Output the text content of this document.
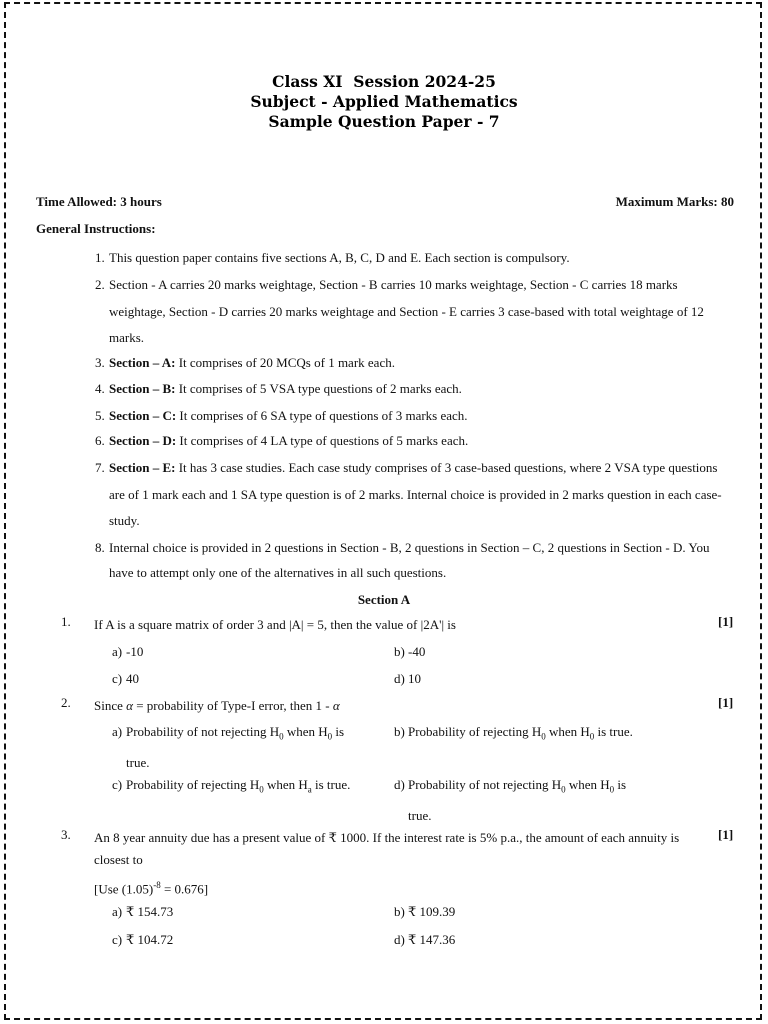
Class XI  Session 2024-25
Subject - Applied Mathematics
Sample Question Paper - 7
Time Allowed: 3 hours	Maximum Marks: 80
General Instructions:
1. This question paper contains five sections A, B, C, D and E. Each section is compulsory.
2. Section - A carries 20 marks weightage, Section - B carries 10 marks weightage, Section - C carries 18 marks weightage, Section - D carries 20 marks weightage and Section - E carries 3 case-based with total weightage of 12 marks.
3. Section – A: It comprises of 20 MCQs of 1 mark each.
4. Section – B: It comprises of 5 VSA type questions of 2 marks each.
5. Section – C: It comprises of 6 SA type of questions of 3 marks each.
6. Section – D: It comprises of 4 LA type of questions of 5 marks each.
7. Section – E: It has 3 case studies. Each case study comprises of 3 case-based questions, where 2 VSA type questions are of 1 mark each and 1 SA type question is of 2 marks. Internal choice is provided in 2 marks question in each case-study.
8. Internal choice is provided in 2 questions in Section - B, 2 questions in Section – C, 2 questions in Section - D. You have to attempt only one of the alternatives in all such questions.
Section A
1. If A is a square matrix of order 3 and |A| = 5, then the value of |2A'| is	[1]
a) -10	b) -40
c) 40	d) 10
2. Since α = probability of Type-I error, then 1 - α	[1]
a) Probability of not rejecting $H_0$ when $H_0$ is true.
b) Probability of rejecting $H_0$ when $H_0$ is true.
c) Probability of rejecting $H_0$ when $H_a$ is true.	d) Probability of not rejecting $H_0$ when $H_0$ is true.
3. An 8 year annuity due has a present value of ₹ 1000. If the interest rate is 5% p.a., the amount of each annuity is closest to
[1]
[Use $(1.05)^{-8} = 0.676$]
a) ₹ 154.73	b) ₹ 109.39
c) ₹ 104.72	d) ₹ 147.36
